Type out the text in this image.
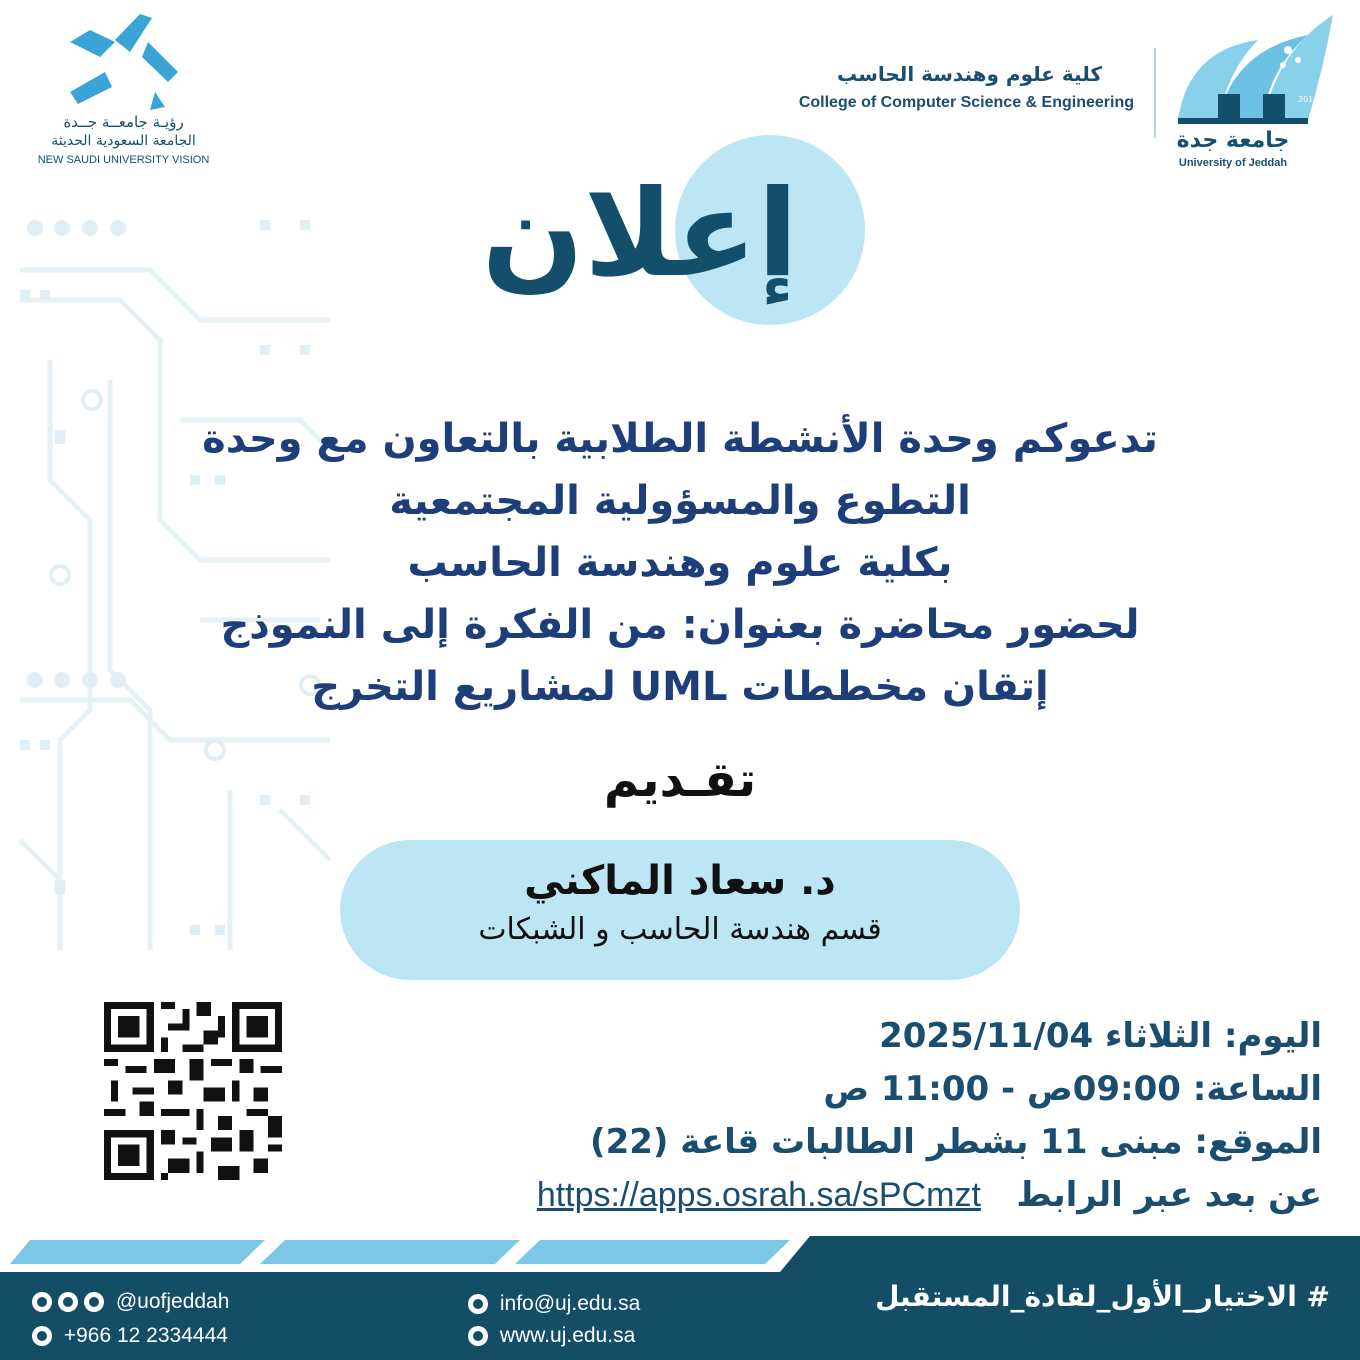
2014
جامعة جدة
University of Jeddah
كلية علوم وهندسة الحاسب
College of Computer Science & Engineering
رؤيـة جامعــة جــدة
الجامعة السعودية الحديثة
NEW SAUDI UNIVERSITY VISION
إعلان
تدعوكم وحدة الأنشطة الطلابية بالتعاون مع وحدة
التطوع والمسؤولية المجتمعية
بكلية علوم وهندسة الحاسب
لحضور محاضرة بعنوان: من الفكرة إلى النموذج
إتقان مخططات UML لمشاريع التخرج
تقـديم
د. سعاد الماكني
قسم هندسة الحاسب و الشبكات
اليوم: الثلاثاء 2025/11/04
الساعة: 09:00ص - 11:00 ص
الموقع: مبنى 11 بشطر الطالبات قاعة (22)
عن بعد عبر الرابط   https://apps.osrah.sa/sPCmzt
@uofjeddah
+966 12 2334444
info@uj.edu.sa
www.uj.edu.sa
# الاختيار_الأول_لقادة_المستقبل
